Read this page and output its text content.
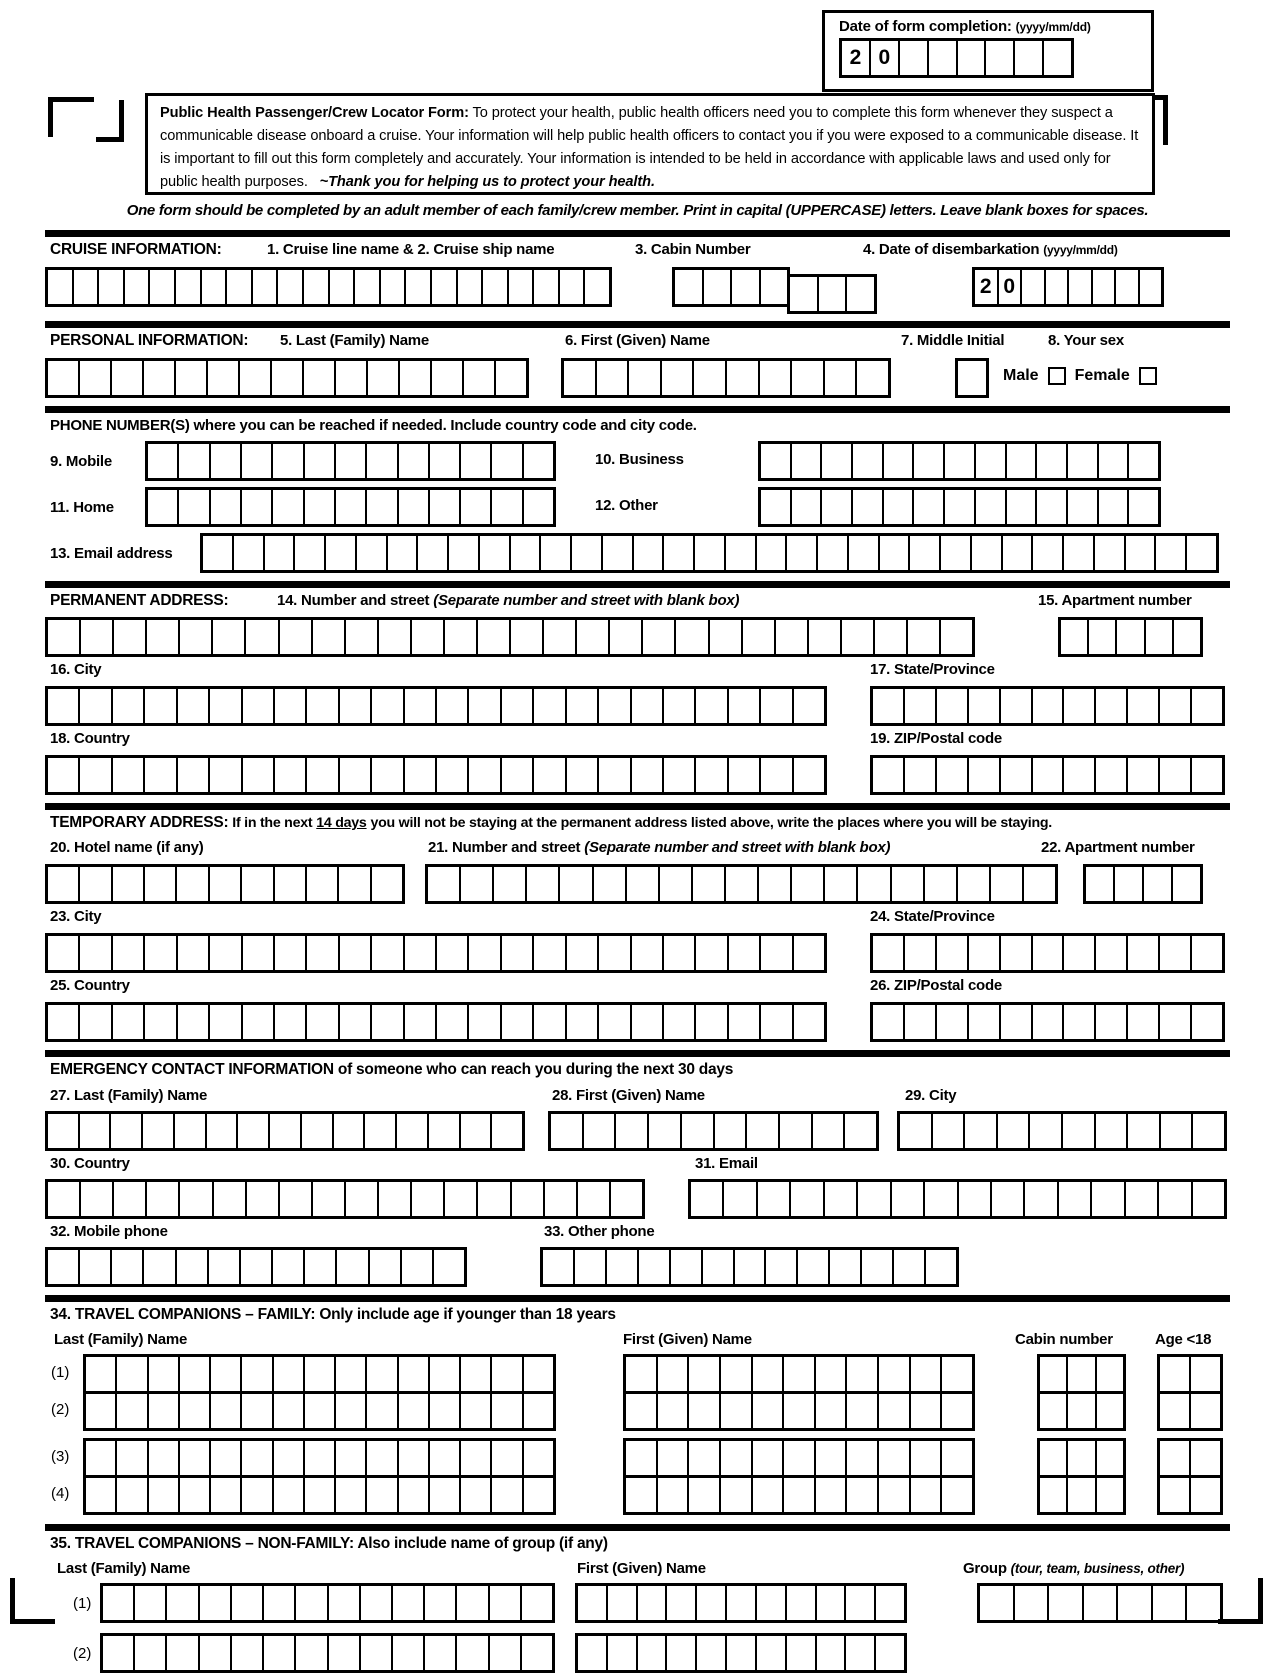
Date of form completion: (yyyy/mm/dd)
2 0

Public Health Passenger/Crew Locator Form: To protect your health, public health officers need you to complete this form whenever they suspect a communicable disease onboard a cruise. Your information will help public health officers to contact you if you were exposed to a communicable disease. It is important to fill out this form completely and accurately. Your information is intended to be held in accordance with applicable laws and used only for public health purposes. ~Thank you for helping us to protect your health.

One form should be completed by an adult member of each family/crew member. Print in capital (UPPERCASE) letters. Leave blank boxes for spaces.
CRUISE INFORMATION:	1. Cruise line name & 2. Cruise ship name	3. Cabin Number	4. Date of disembarkation (yyyy/mm/dd)
2 0
PERSONAL INFORMATION: 5. Last (Family) Name	6. First (Given) Name	7. Middle Initial	8. Your sex
Male Female
PHONE NUMBER(S) where you can be reached if needed. Include country code and city code.
9. Mobile	10. Business
11. Home	12. Other
13. Email address
PERMANENT ADDRESS:	14. Number and street (Separate number and street with blank box)	15. Apartment number
16. City	17. State/Province
18. Country	19. ZIP/Postal code
TEMPORARY ADDRESS: If in the next 14 days you will not be staying at the permanent address listed above, write the places where you will be staying.
20. Hotel name (if any)	21. Number and street (Separate number and street with blank box)	22. Apartment number
23. City	24. State/Province
25. Country	26. ZIP/Postal code
EMERGENCY CONTACT INFORMATION of someone who can reach you during the next 30 days
27. Last (Family) Name	28. First (Given) Name	29. City
30. Country	31. Email
32. Mobile phone	33. Other phone
34. TRAVEL COMPANIONS – FAMILY: Only include age if younger than 18 years
Last (Family) Name	First (Given) Name	Cabin number	Age <18
(1)
(2)
(3)
(4)
35. TRAVEL COMPANIONS – NON-FAMILY: Also include name of group (if any)
Last (Family) Name	First (Given) Name	Group (tour, team, business, other)
(1)
(2)
